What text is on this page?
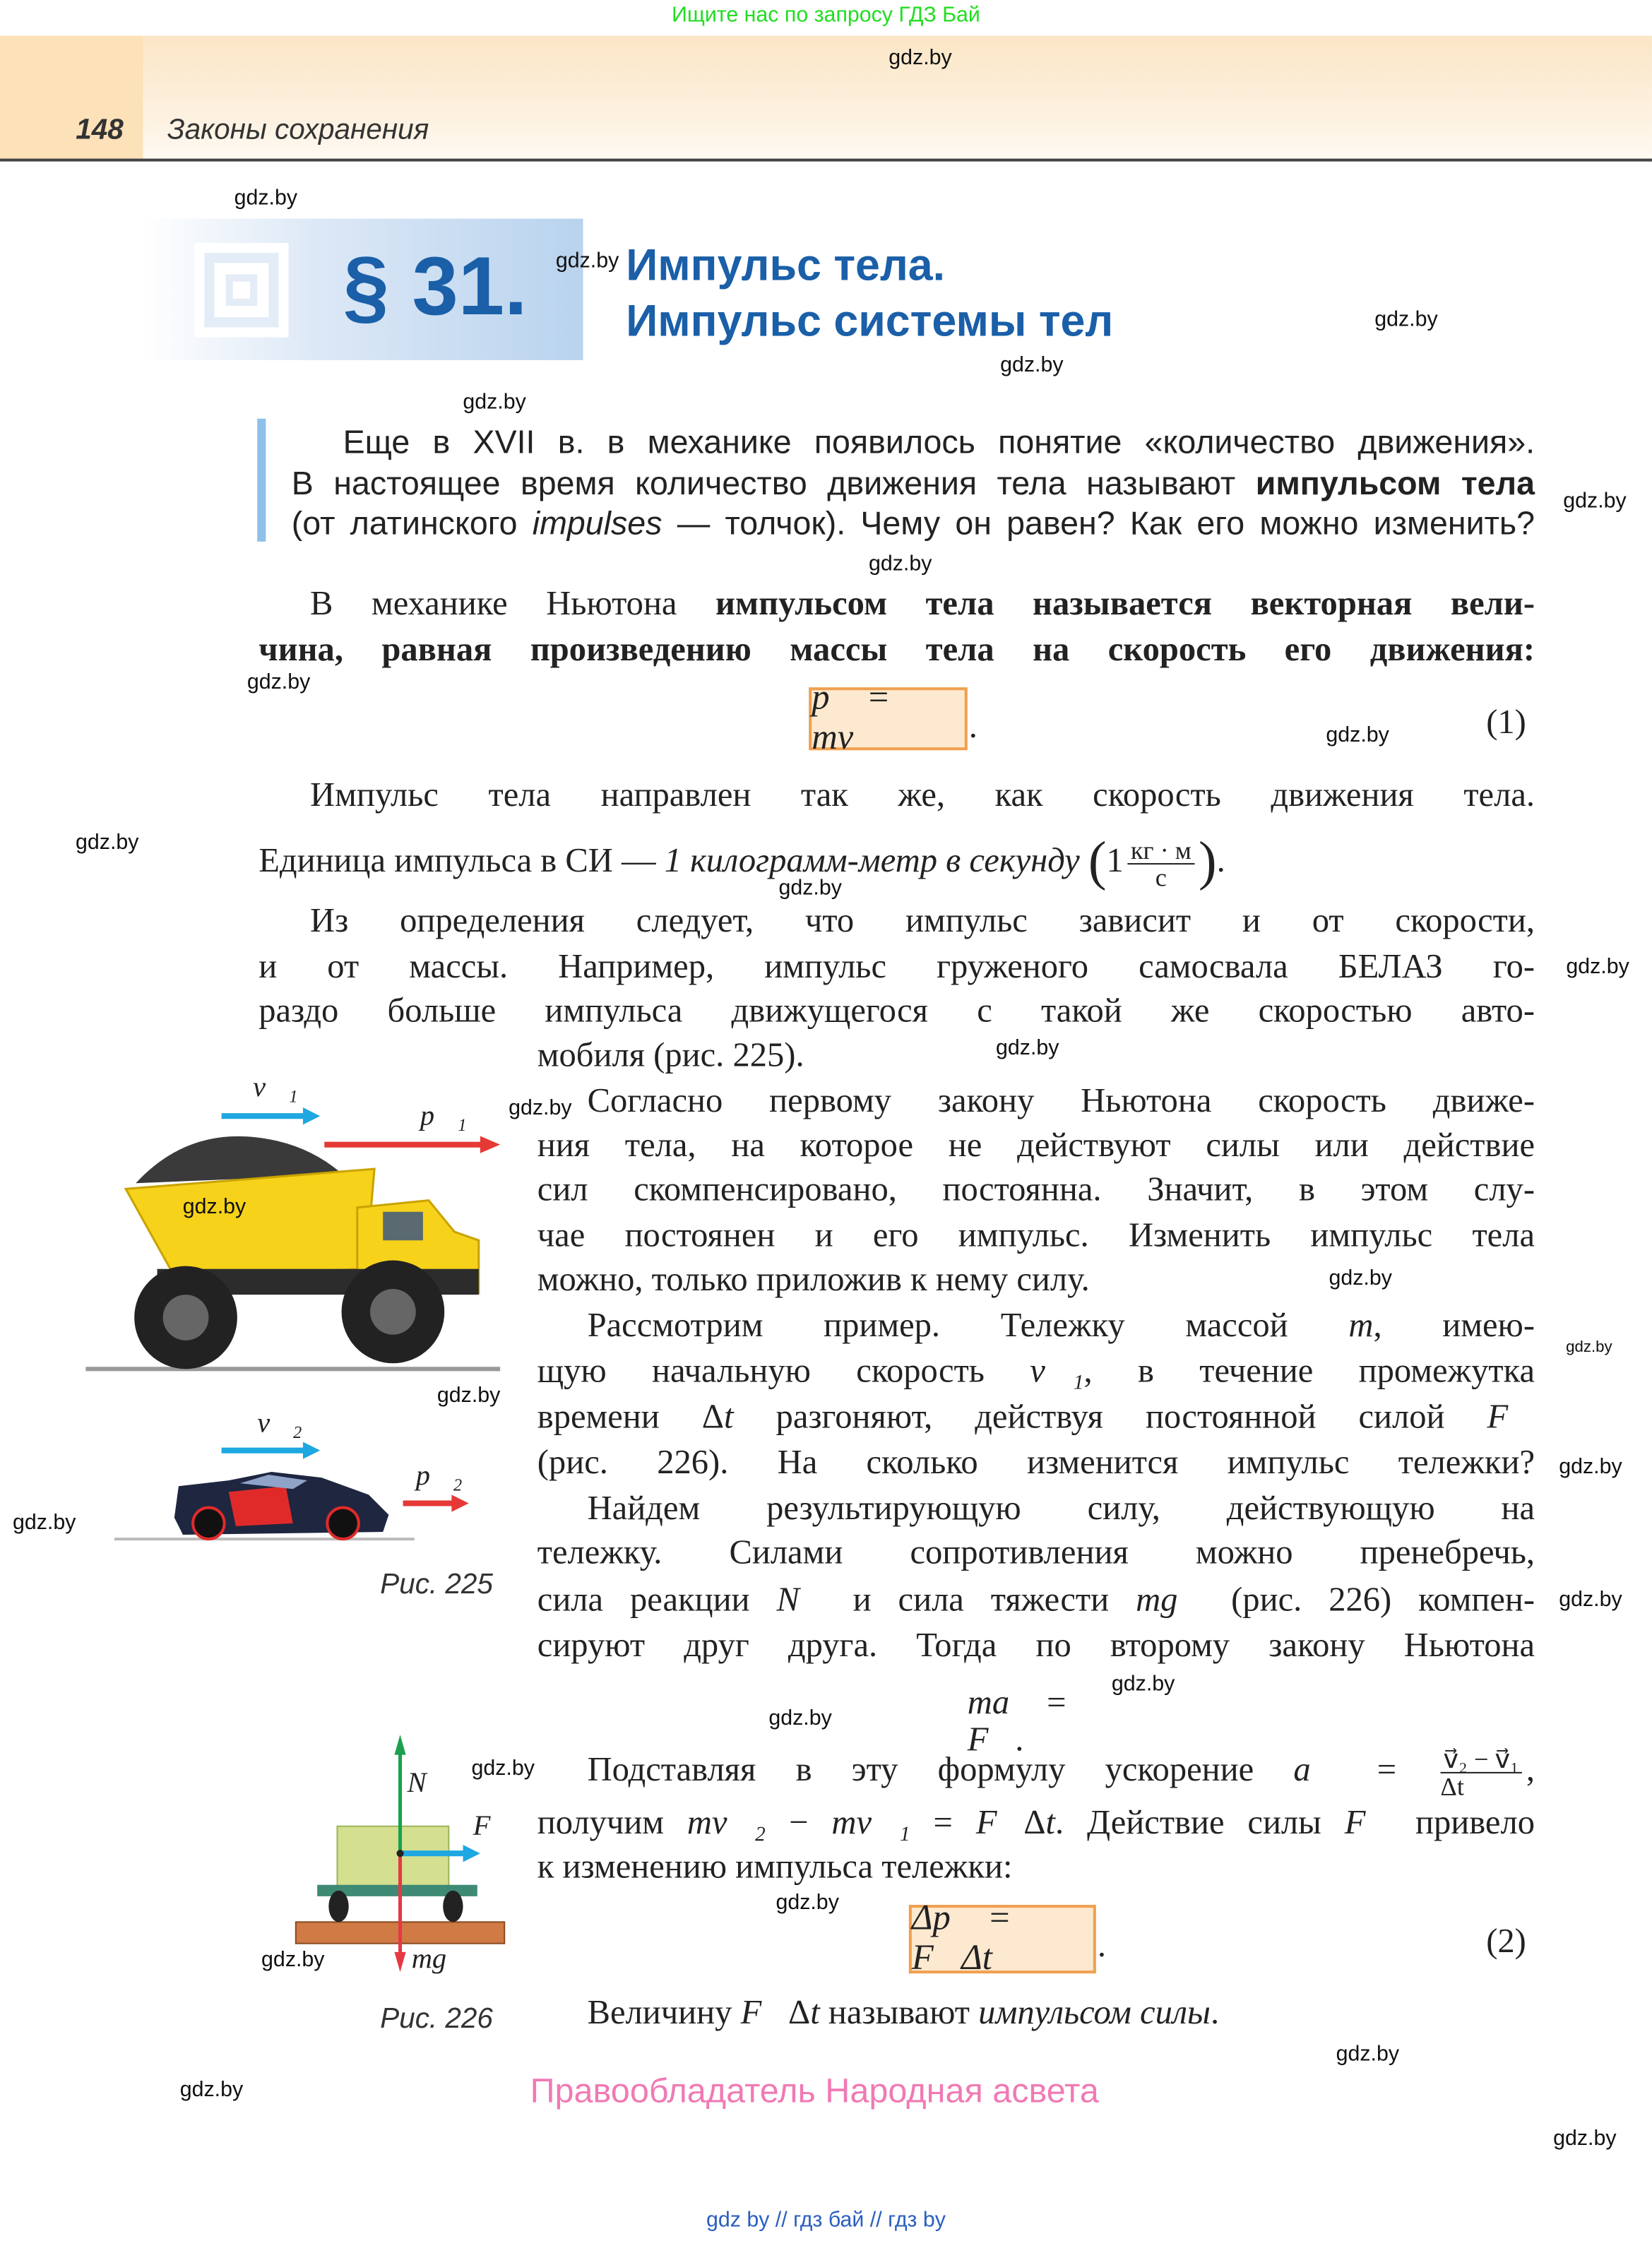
Ищите нас по запросу ГДЗ Бай
148	Законы сохранения
§ 31.	Импульс тела.
Импульс системы тел
Еще в XVII в. в механике появилось понятие «количество движения».
В настоящее время количество движения тела называют импульсом тела
(от латинского impulses — толчок). Чему он равен? Как его можно изменить?
В механике Ньютона импульсом тела называется векторная вели-
чина, равная произведению массы тела на скорость его движения:
Импульс тела направлен так же, как скорость движения тела.
Единица импульса в СИ — 1 килограмм-метр в секунду ($1 \frac{кг \cdot м}{с}$ ).
Из определения следует, что импульс зависит и от скорости,
и от массы. Например, импульс груженого самосвала БЕЛАЗ го-
раздо больше импульса движущегося с такой же скоростью авто-
мобиля (рис. 225).
Согласно первому закону Ньютона скорость движе-
ния тела, на которое не действуют силы или действие
сил скомпенсировано, постоянна. Значит, в этом слу-
чае постоянен и его импульс. Изменить импульс тела
можно, только приложив к нему силу.
Рассмотрим пример. Тележку массой m, имею-
щую начальную скорость v⃗₁, в течение промежутка
времени Δt разгоняют, действуя постоянной силой F⃗
(рис. 226). На сколько изменится импульс тележки?
Найдем результирующую силу, действующую на
тележку. Силами сопротивления можно пренебречь,
сила реакции N⃗ и сила тяжести mg⃗ (рис. 226) компен-
сируют друг друга. Тогда по второму закону Ньютона
ma⃗ = F⃗.
Подставляя в эту формулу ускорение a⃗ = $\frac{\text{v⃗₂ − v⃗₁}}{\Delta t}$ ,
получим mv⃗₂ − mv⃗₁ = F⃗Δt. Действие силы F⃗ привело
к изменению импульса тележки:
Величину F⃗Δt называют импульсом силы.
p⃗ = mv⃗	.	(1)
Δp⃗ = F⃗Δt	.	(2)
v⃗₁
p⃗₁
v⃗₂
p⃗₂
Рис. 225
N⃗
F⃗
mg⃗
Рис. 226
gdz.by
gdz.by
gdz.by
gdz.by
gdz.by
gdz.by
gdz.by
gdz.by
gdz.by
gdz.by
gdz.by
gdz.by
gdz.by
gdz.by
gdz.by
gdz.by
gdz.by
gdz.by
gdz.by
gdz.by
gdz.by
gdz.by
gdz.by
gdz.by
gdz.by
gdz.by
gdz.by
gdz.by
gdz.by
gdz.by
Правообладатель Народная асвета
gdz by // гдз бай // гдз by
